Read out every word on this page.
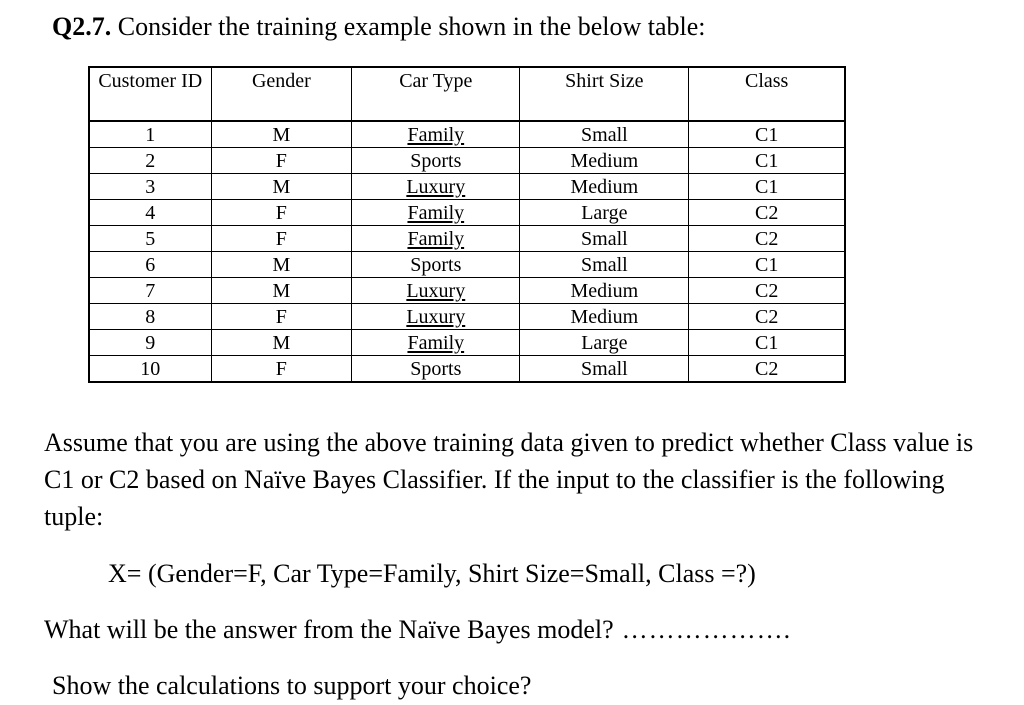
Q2.7. Consider the training example shown in the below table:
Customer ID	Gender	Car Type	Shirt Size	Class
1	M	Family	Small	C1
2	F	Sports	Medium	C1
3	M	Luxury	Medium	C1
4	F	Family	Large	C2
5	F	Family	Small	C2
6	M	Sports	Small	C1
7	M	Luxury	Medium	C2
8	F	Luxury	Medium	C2
9	M	Family	Large	C1
10	F	Sports	Small	C2
Assume that you are using the above training data given to predict whether Class value is C1 or C2 based on Naïve Bayes Classifier. If the input to the classifier is the following tuple:
X= (Gender=F, Car Type=Family, Shirt Size=Small, Class =?)
What will be the answer from the Naïve Bayes model? ……………….
Show the calculations to support your choice?
